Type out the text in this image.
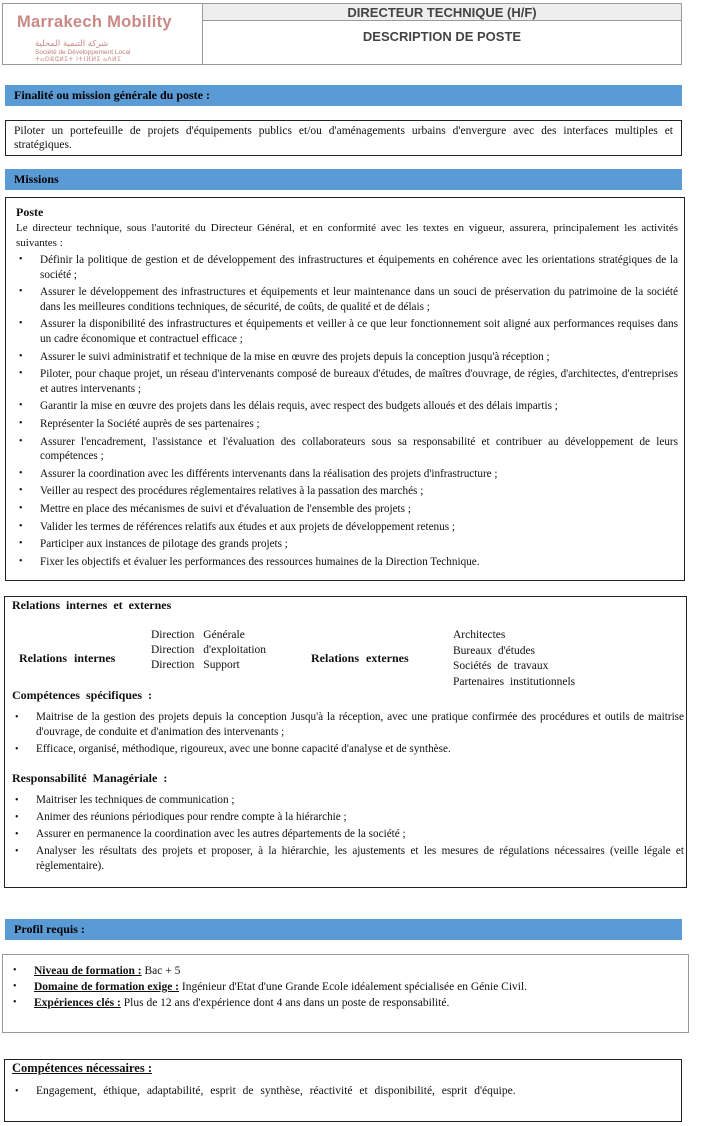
Marrakech Mobility
شركة التنمية المحلية
Société de Développement Local
ⵜⴰⵙⵓⵛⵍⵉⵜ ⵏⵜⵏⴼⵍⵉ ⴰⴷⵍⵉ
DIRECTEUR TECHNIQUE (H/F)
DESCRIPTION DE POSTE
Finalité ou mission générale du poste :
Piloter un portefeuille de projets d'équipements publics et/ou d'aménagements urbains d'envergure avec des interfaces multiples et stratégiques.
Missions
Poste
Le directeur technique, sous l'autorité du Directeur Général, et en conformité avec les textes en vigueur, assurera, principalement les activités suivantes :
• Définir la politique de gestion et de développement des infrastructures et équipements en cohérence avec les orientations stratégiques de la société ;
• Assurer le développement des infrastructures et équipements et leur maintenance dans un souci de préservation du patrimoine de la société dans les meilleures conditions techniques, de sécurité, de coûts, de qualité et de délais ;
• Assurer la disponibilité des infrastructures et équipements et veiller à ce que leur fonctionnement soit aligné aux performances requises dans un cadre économique et contractuel efficace ;
• Assurer le suivi administratif et technique de la mise en œuvre des projets depuis la conception jusqu'à réception ;
• Piloter, pour chaque projet, un réseau d'intervenants composé de bureaux d'études, de maîtres d'ouvrage, de régies, d'architectes, d'entreprises et autres intervenants ;
• Garantir la mise en œuvre des projets dans les délais requis, avec respect des budgets alloués et des délais impartis ;
• Représenter la Société auprès de ses partenaires ;
• Assurer l'encadrement, l'assistance et l'évaluation des collaborateurs sous sa responsabilité et contribuer au développement de leurs compétences ;
• Assurer la coordination avec les différents intervenants dans la réalisation des projets d'infrastructure ;
• Veiller au respect des procédures réglementaires relatives à la passation des marchés ;
• Mettre en place des mécanismes de suivi et d'évaluation de l'ensemble des projets ;
• Valider les termes de références relatifs aux études et aux projets de développement retenus ;
• Participer aux instances de pilotage des grands projets ;
• Fixer les objectifs et évaluer les performances des ressources humaines de la Direction Technique.
Relations internes et externes
Relations internes
Direction Générale
Direction d'exploitation
Direction Support	Relations externes
Architectes
Bureaux d'études
Sociétés de travaux
Partenaires institutionnels
Compétences spécifiques :
• Maitrise de la gestion des projets depuis la conception Jusqu'à la réception, avec une pratique confirmée des procédures et outils de maitrise d'ouvrage, de conduite et d'animation des intervenants ;
• Efficace, organisé, méthodique, rigoureux, avec une bonne capacité d'analyse et de synthèse.
Responsabilité Managériale :
• Maitriser les techniques de communication ;
• Animer des réunions périodiques pour rendre compte à la hiérarchie ;
• Assurer en permanence la coordination avec les autres départements de la société ;
• Analyser les résultats des projets et proposer, à la hiérarchie, les ajustements et les mesures de régulations nécessaires (veille légale et règlementaire).
Profil requis :
• Niveau de formation : Bac + 5
• Domaine de formation exige : Ingénieur d'Etat d'une Grande Ecole idéalement spécialisée en Génie Civil.
• Expériences clés : Plus de 12 ans d'expérience dont 4 ans dans un poste de responsabilité.
Compétences nécessaires :
• Engagement, éthique, adaptabilité, esprit de synthèse, réactivité et disponibilité, esprit d'équipe.
